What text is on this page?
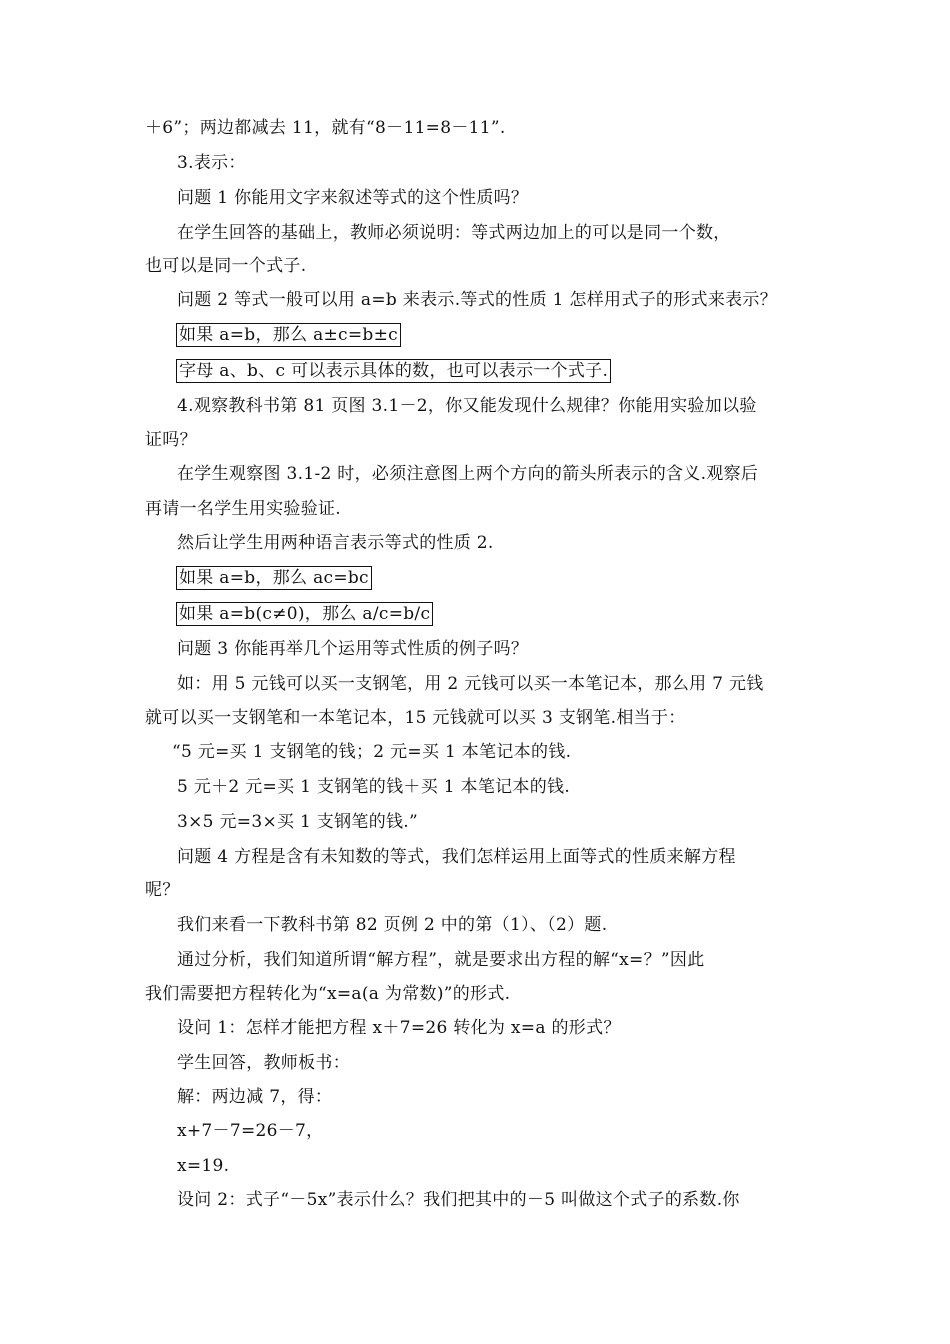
＋6”；两边都减去 11，就有“8－11=8－11”.
3.表示：
问题 1 你能用文字来叙述等式的这个性质吗？
在学生回答的基础上，教师必须说明：等式两边加上的可以是同一个数，
也可以是同一个式子.
问题 2 等式一般可以用 a=b 来表示.等式的性质 1 怎样用式子的形式来表示？
如果 a=b，那么 a±c=b±c
字母 a、b、c 可以表示具体的数，也可以表示一个式子.
4.观察教科书第 81 页图 3.1－2，你又能发现什么规律？你能用实验加以验
证吗？
在学生观察图 3.1-2 时，必须注意图上两个方向的箭头所表示的含义.观察后
再请一名学生用实验验证.
然后让学生用两种语言表示等式的性质 2.
如果 a=b，那么 ac=bc
如果 a=b(c≠0)，那么 a/c=b/c
问题 3 你能再举几个运用等式性质的例子吗？
如：用 5 元钱可以买一支钢笔，用 2 元钱可以买一本笔记本，那么用 7 元钱
就可以买一支钢笔和一本笔记本，15 元钱就可以买 3 支钢笔.相当于：
“5 元=买 1 支钢笔的钱；2 元=买 1 本笔记本的钱.
5 元＋2 元=买 1 支钢笔的钱＋买 1 本笔记本的钱.
3×5 元=3×买 1 支钢笔的钱.”
问题 4 方程是含有未知数的等式，我们怎样运用上面等式的性质来解方程
呢？
我们来看一下教科书第 82 页例 2 中的第（1）、（2）题.
通过分析，我们知道所谓“解方程”，就是要求出方程的解“x=？”因此
我们需要把方程转化为“x=a(a 为常数)”的形式.
设问 1：怎样才能把方程 x＋7=26 转化为 x=a 的形式？
学生回答，教师板书：
解：两边减 7，得：
x+7－7=26－7，
x=19.
设问 2：式子“－5x”表示什么？我们把其中的－5 叫做这个式子的系数.你
